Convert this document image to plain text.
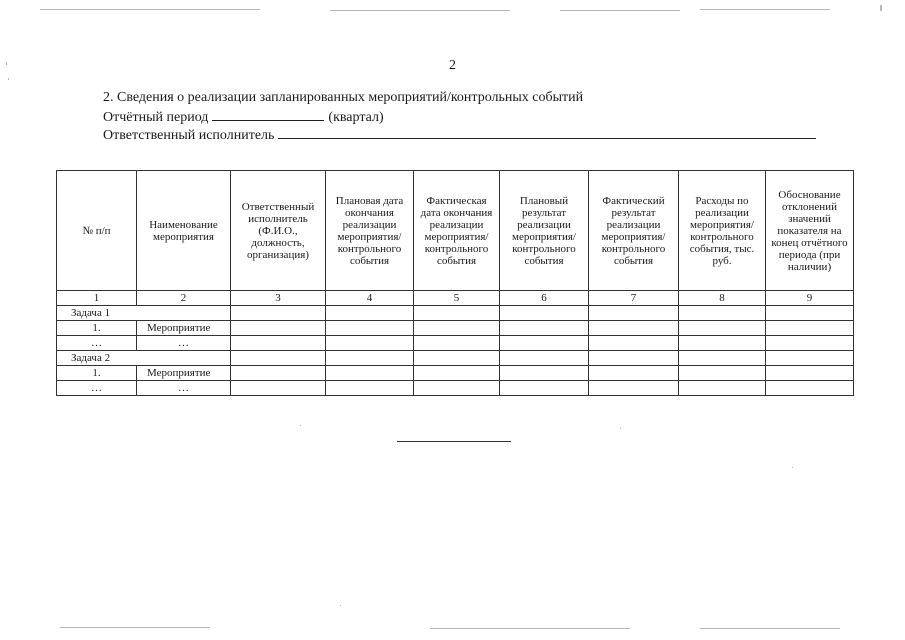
2
2. Сведения о реализации запланированных мероприятий/контрольных событий
Отчётный период	(квартал)
Ответственный исполнитель
№ п/п	Наименование мероприятия	Ответственный исполнитель (Ф.И.О., должность, организация)	Плановая дата окончания реализации мероприятия/ контрольного события	Фактическая дата окончания реализации мероприятия/ контрольного события	Плановый результат реализации мероприятия/ контрольного события	Фактический результат реализации мероприятия/ контрольного события	Расходы по реализации мероприятия/ контрольного события, тыс. руб.	Обоснование отклонений значений показателя на конец отчётного периода (при наличии)
1	2	3	4	5	6	7	8	9
Задача 1								
1.	Мероприятие							
…	…							
Задача 2								
1.	Мероприятие							
…	…							
